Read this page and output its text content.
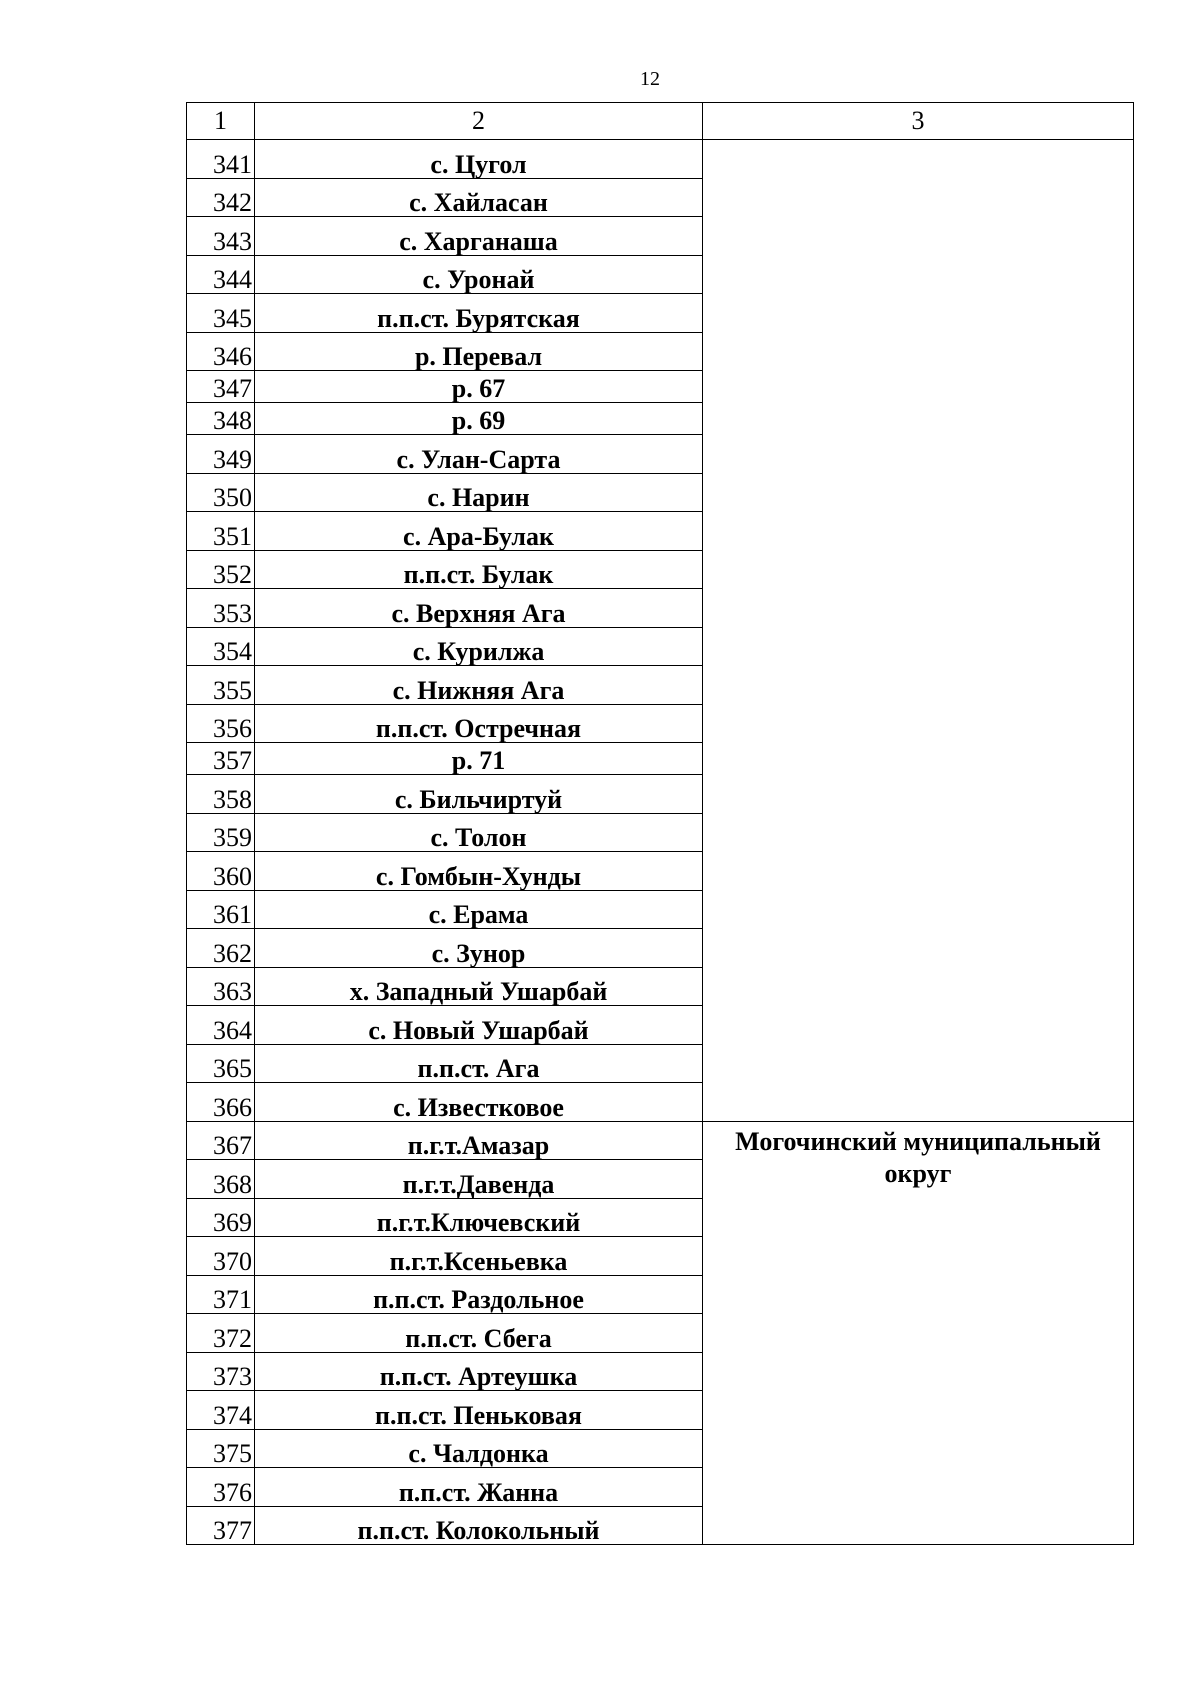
12
1	2	3
341	с. Цугол	
342	с. Хайласан	
343	с. Харганаша	
344	с. Уронай	
345	п.п.ст. Бурятская	
346	р. Перевал	
347	р. 67	
348	р. 69	
349	с. Улан-Сарта	
350	с. Нарин	
351	с. Ара-Булак	
352	п.п.ст. Булак	
353	с. Верхняя Ага	
354	с. Курилжа	
355	с. Нижняя Ага	
356	п.п.ст. Остречная	
357	р. 71	
358	с. Бильчиртуй	
359	с. Толон	
360	с. Гомбын-Хунды	
361	с. Ерама	
362	с. Зунор	
363	х. Западный Ушарбай	
364	с. Новый Ушарбай	
365	п.п.ст. Ага	
366	с. Известковое	
367	п.г.т.Амазар	Могочинский муниципальный округ
368	п.г.т.Давенда	
369	п.г.т.Ключевский	
370	п.г.т.Ксеньевка	
371	п.п.ст. Раздольное	
372	п.п.ст. Сбега	
373	п.п.ст. Артеушка	
374	п.п.ст. Пеньковая	
375	с. Чалдонка	
376	п.п.ст. Жанна	
377	п.п.ст. Колокольный	
